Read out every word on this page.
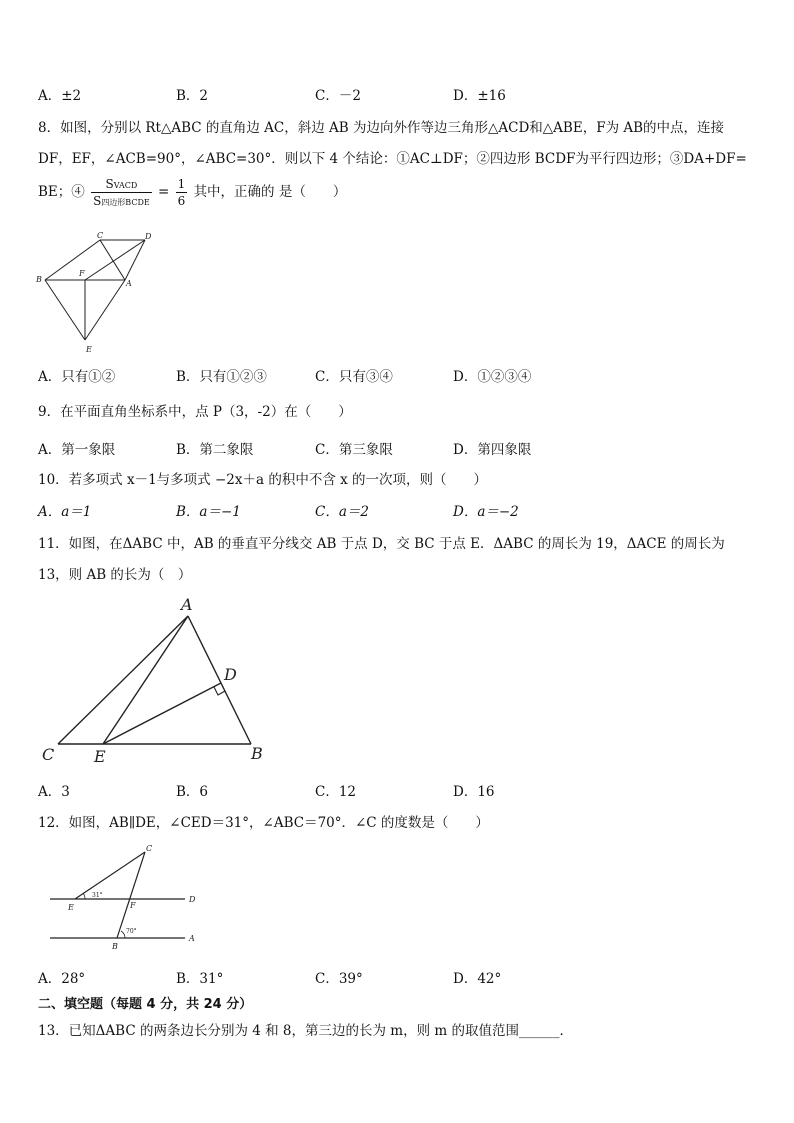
A．±2	B．2	C．－2	D．±16
8．如图，分别以 Rt△ABC 的直角边 AC，斜边 AB 为边向外作等边三角形△ACD和△ABE，F为 AB的中点，连接
DF，EF，∠ACB=90°，∠ABC=30°．则以下 4 个结论：①AC⊥DF；②四边形 BCDF为平行四边形；③DA+DF=
BE；④ $\frac{\text{SVACD}}{\text{S四边形BCDE}} = \frac{1}{6}$ 其中，正确的 是（　　）
C	D
B
F
A
E
A．只有①②	B．只有①②③	C．只有③④	D．①②③④
9．在平面直角坐标系中，点 P（3，-2）在（　　）
A．第一象限	B．第二象限	C．第三象限	D．第四象限
10．若多项式 x－1与多项式 −2x＋a 的积中不含 x 的一次项，则（　　）
A．a＝1	B．a＝−1	C．a＝2	D．a＝−2
11．如图，在ΔABC 中，AB 的垂直平分线交 AB 于点 D，交 BC 于点 E．ΔABC 的周长为 19，ΔACE 的周长为
13，则 AB 的长为（　）
A
D
C E	B
A．3	B．6	C．12	D．16
12．如图，AB∥DE，∠CED＝31°，∠ABC＝70°．∠C 的度数是（　　）
C
E	F
D
B
A
31°
70°
A．28°	B．31°	C．39°	D．42°
二、填空题（每题 4 分，共 24 分）
13．已知ΔABC 的两条边长分别为 4 和 8，第三边的长为 m，则 m 的取值范围______．
